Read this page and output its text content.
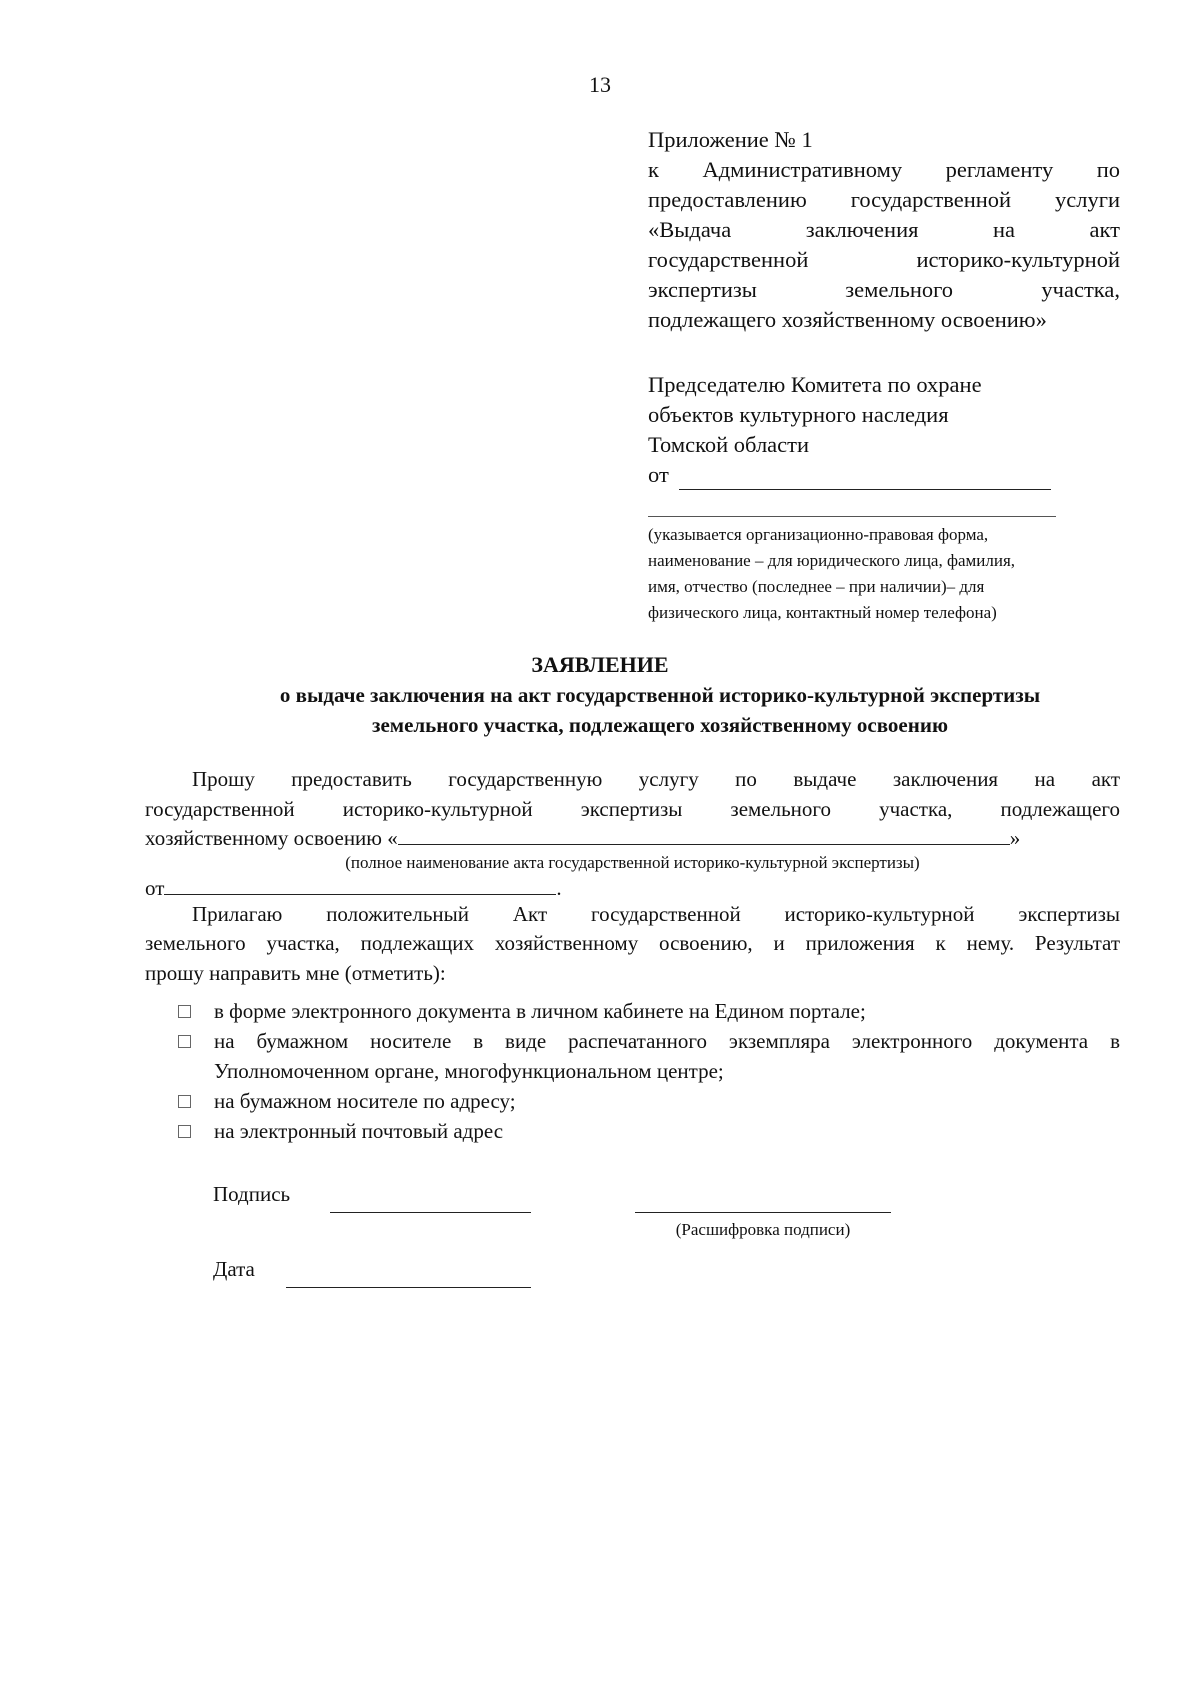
13
Приложение № 1
к Административному регламенту по
предоставлению государственной услуги
«Выдача заключения на акт
государственной историко-культурной
экспертизы земельного участка,
подлежащего хозяйственному освоению»
Председателю Комитета по охране
объектов культурного наследия
Томской области
от
(указывается организационно-правовая форма,
наименование – для юридического лица, фамилия,
имя, отчество (последнее – при наличии)– для
физического лица, контактный номер телефона)
ЗАЯВЛЕНИЕ
о выдаче заключения на акт государственной историко-культурной экспертизы
земельного участка, подлежащего хозяйственному освоению
Прошу предоставить государственную услугу по выдаче заключения на акт
государственной историко-культурной экспертизы земельного участка, подлежащего
хозяйственному освоению «	»
(полное наименование акта государственной историко-культурной экспертизы)
от	.
Прилагаю положительный Акт государственной историко-культурной экспертизы
земельного участка, подлежащих хозяйственному освоению, и приложения к нему. Результат
прошу направить мне (отметить):
в форме электронного документа в личном кабинете на Едином портале;
на бумажном носителе в виде распечатанного экземпляра электронного документа в Уполномоченном органе, многофункциональном центре;
на бумажном носителе по адресу;
на электронный почтовый адрес
Подпись
(Расшифровка подписи)
Дата
